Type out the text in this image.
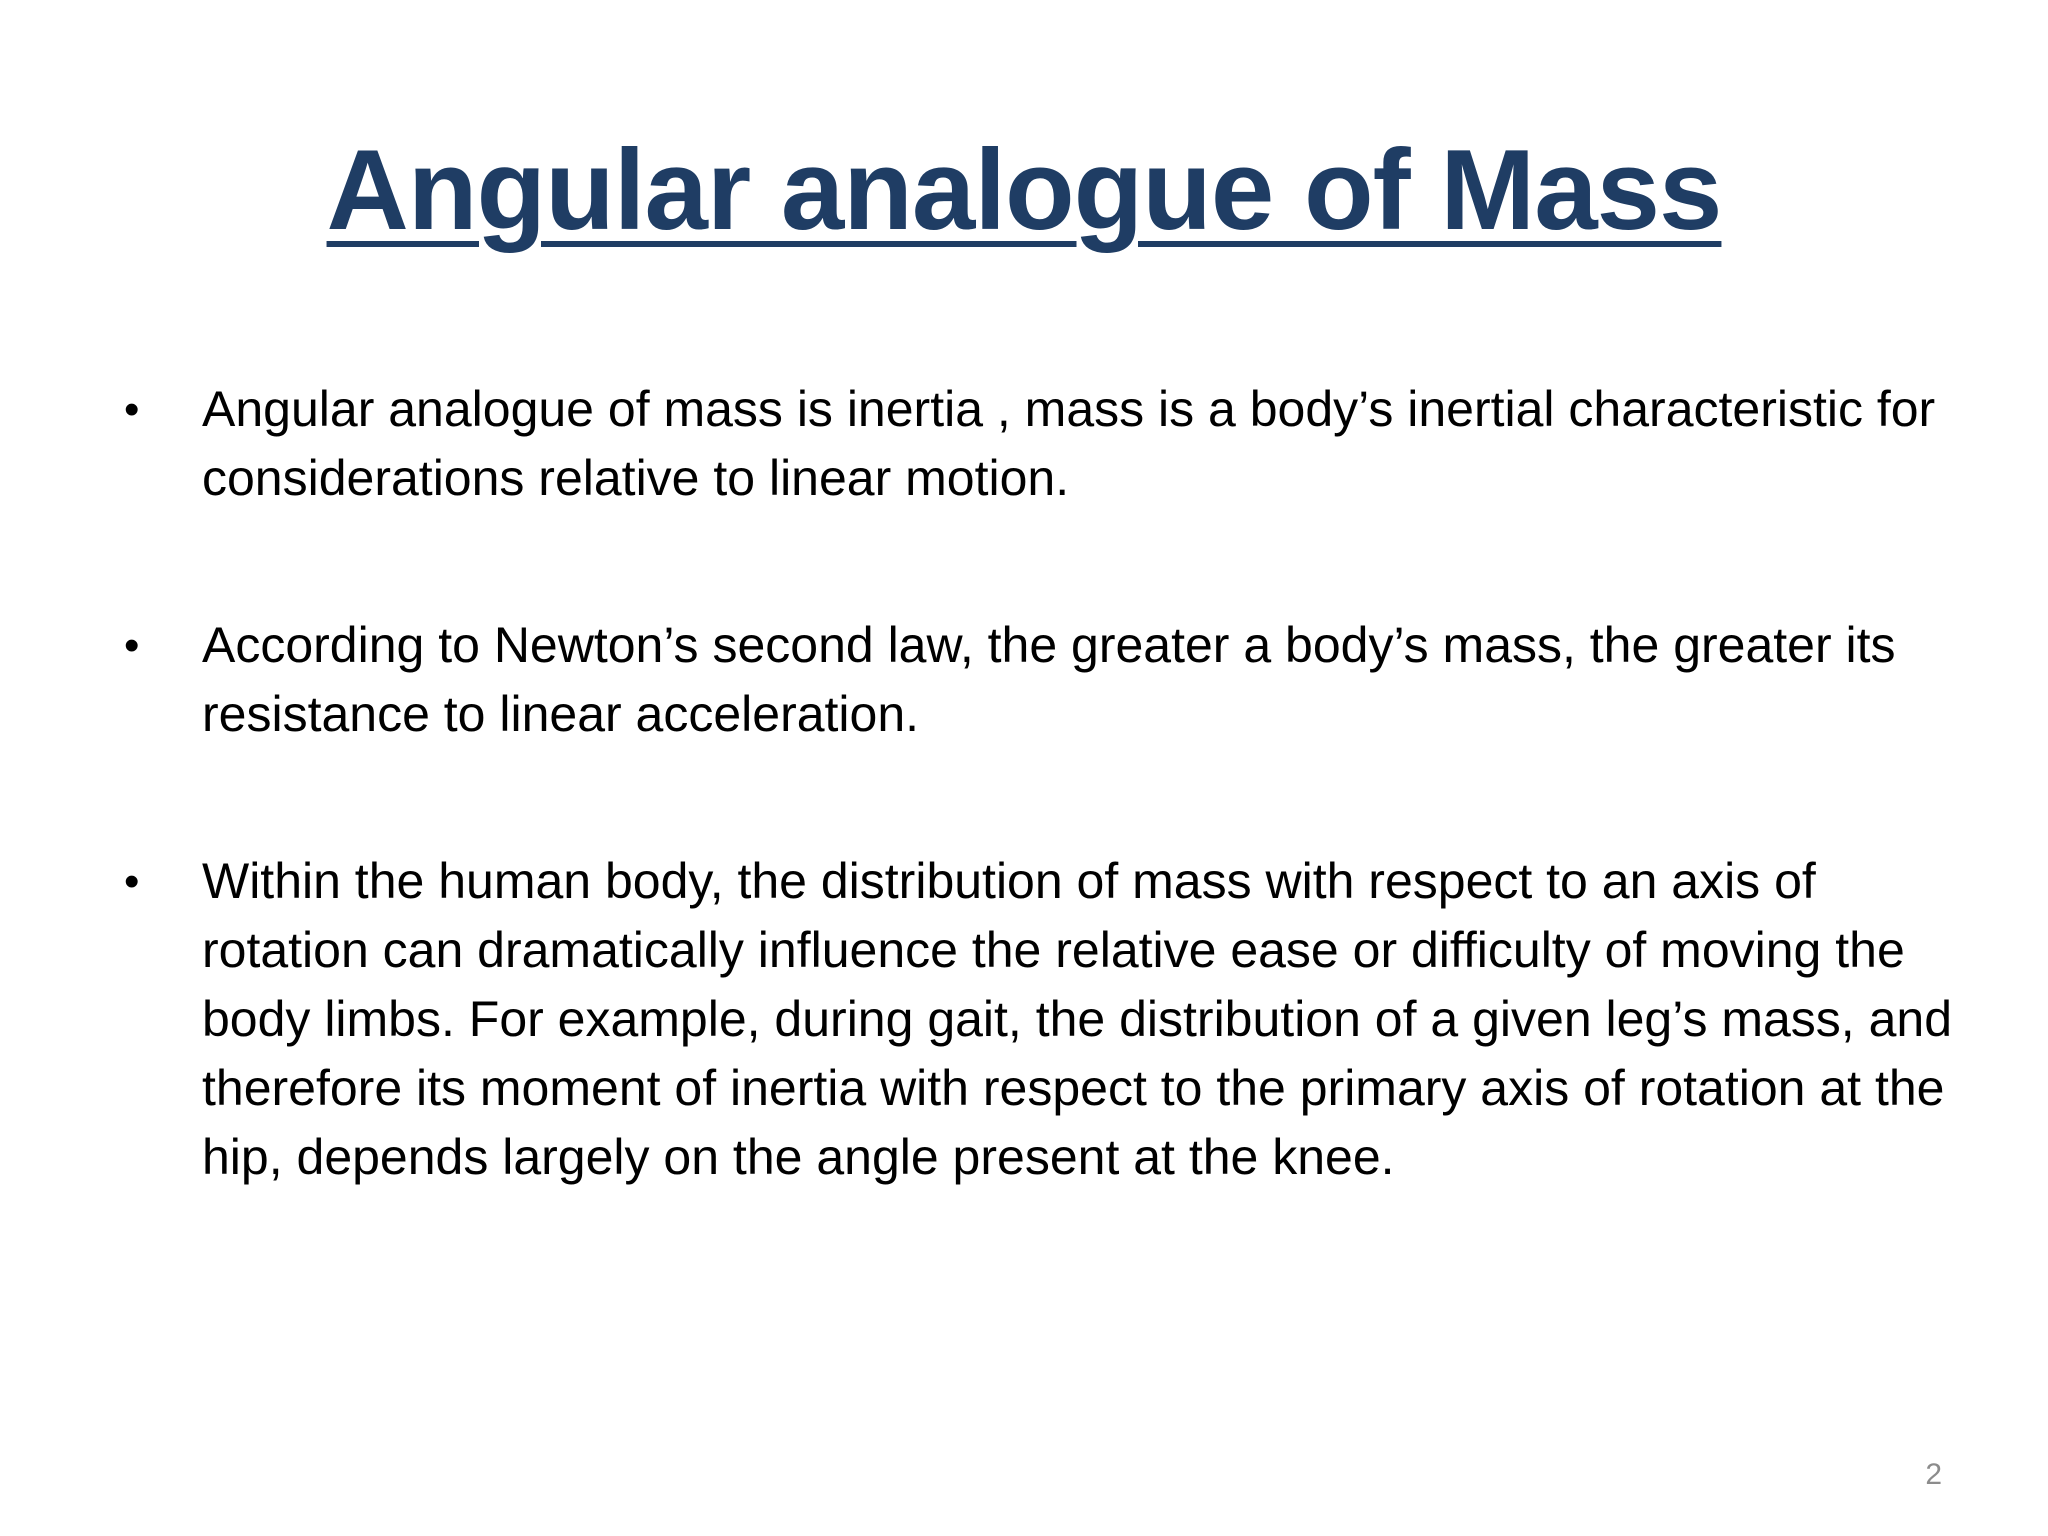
Angular analogue of Mass
• Angular analogue of mass is inertia , mass is a body’s inertial characteristic for considerations relative to linear motion.
• According to Newton’s second law, the greater a body’s mass, the greater its resistance to linear acceleration.
• Within the human body, the distribution of mass with respect to an axis of rotation can dramatically influence the relative ease or difficulty of moving the body limbs. For example, during gait, the distribution of a given leg’s mass, and therefore its moment of inertia with respect to the primary axis of rotation at the hip, depends largely on the angle present at the knee.
2
